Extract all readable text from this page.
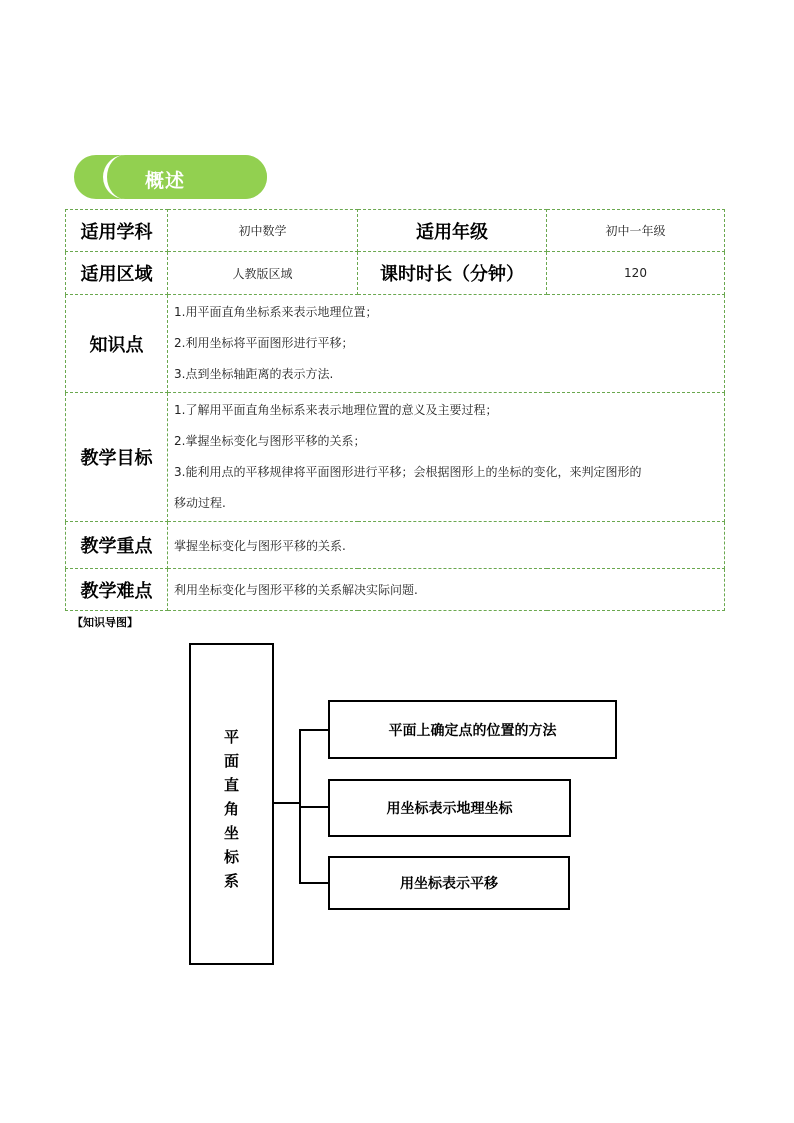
概述
适用学科	初中数学	适用年级	初中一年级
适用区域	人教版区域	课时时长（分钟）	120
知识点	1.用平面直角坐标系来表示地理位置；
2.利用坐标将平面图形进行平移；
3.点到坐标轴距离的表示方法.		

教学目标	1.了解用平面直角坐标系来表示地理位置的意义及主要过程；
2.掌握坐标变化与图形平移的关系；
3.能利用点的平移规律将平面图形进行平移；会根据图形上的坐标的变化，来判定图形的
移动过程.		

教学重点	掌握坐标变化与图形平移的关系.		
教学难点	利用坐标变化与图形平移的关系解决实际问题.		
【知识导图】
平
面
直
角
坐
标
系
平面上确定点的位置的方法
用坐标表示地理坐标
用坐标表示平移
